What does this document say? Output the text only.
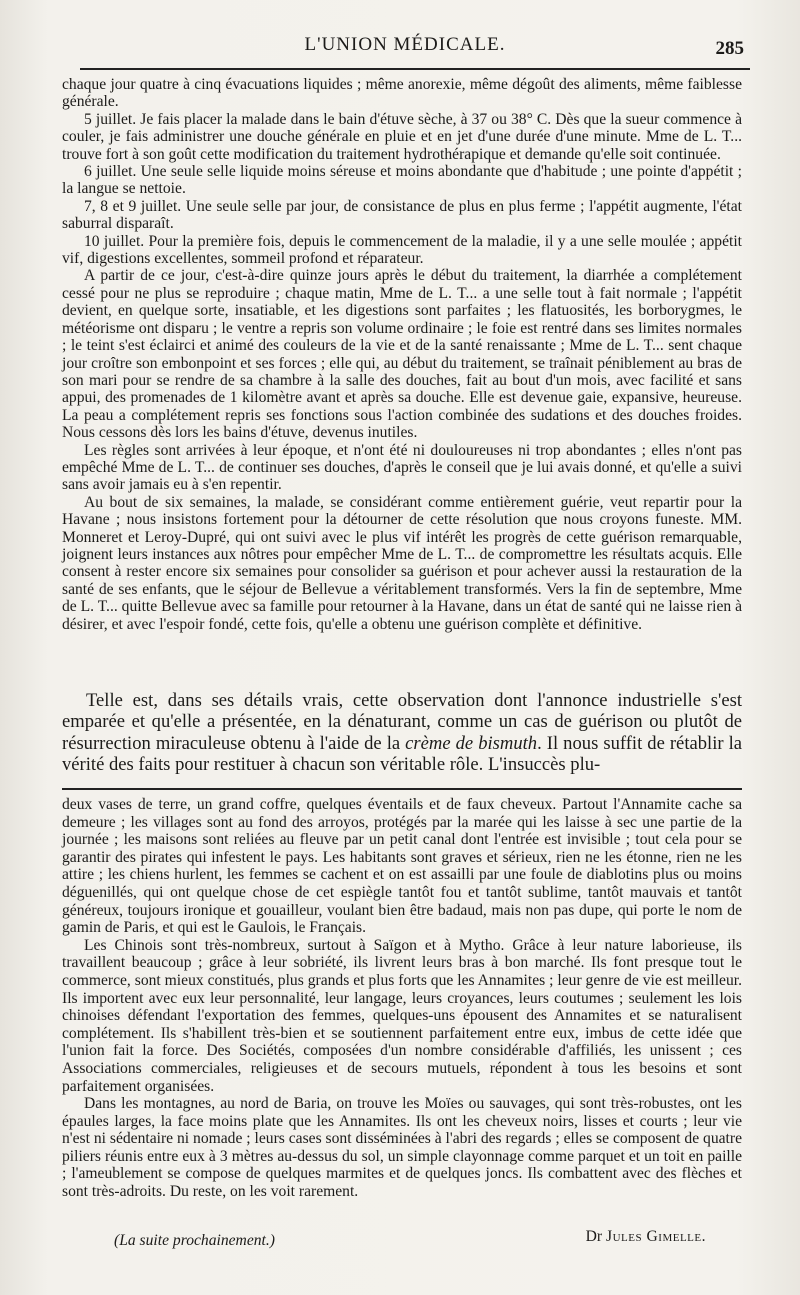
L'UNION MÉDICALE.	285

chaque jour quatre à cinq évacuations liquides ; même anorexie, même dégoût des aliments, même faiblesse générale.

5 juillet. Je fais placer la malade dans le bain d'étuve sèche, à 37 ou 38° C. Dès que la sueur commence à couler, je fais administrer une douche générale en pluie et en jet d'une durée d'une minute. Mme de L. T... trouve fort à son goût cette modification du traitement hydrothérapique et demande qu'elle soit continuée.

6 juillet. Une seule selle liquide moins séreuse et moins abondante que d'habitude ; une pointe d'appétit ; la langue se nettoie.

7, 8 et 9 juillet. Une seule selle par jour, de consistance de plus en plus ferme ; l'appétit augmente, l'état saburral disparaît.

10 juillet. Pour la première fois, depuis le commencement de la maladie, il y a une selle moulée ; appétit vif, digestions excellentes, sommeil profond et réparateur.

A partir de ce jour, c'est-à-dire quinze jours après le début du traitement, la diarrhée a complétement cessé pour ne plus se reproduire ; chaque matin, Mme de L. T... a une selle tout à fait normale ; l'appétit devient, en quelque sorte, insatiable, et les digestions sont parfaites ; les flatuosités, les borborygmes, le météorisme ont disparu ; le ventre a repris son volume ordinaire ; le foie est rentré dans ses limites normales ; le teint s'est éclairci et animé des couleurs de la vie et de la santé renaissante ; Mme de L. T... sent chaque jour croître son embonpoint et ses forces ; elle qui, au début du traitement, se traînait péniblement au bras de son mari pour se rendre de sa chambre à la salle des douches, fait au bout d'un mois, avec facilité et sans appui, des promenades de 1 kilomètre avant et après sa douche. Elle est devenue gaie, expansive, heureuse. La peau a complétement repris ses fonctions sous l'action combinée des sudations et des douches froides. Nous cessons dès lors les bains d'étuve, devenus inutiles.

Les règles sont arrivées à leur époque, et n'ont été ni douloureuses ni trop abondantes ; elles n'ont pas empêché Mme de L. T... de continuer ses douches, d'après le conseil que je lui avais donné, et qu'elle a suivi sans avoir jamais eu à s'en repentir.

Au bout de six semaines, la malade, se considérant comme entièrement guérie, veut repartir pour la Havane ; nous insistons fortement pour la détourner de cette résolution que nous croyons funeste. MM. Monneret et Leroy-Dupré, qui ont suivi avec le plus vif intérêt les progrès de cette guérison remarquable, joignent leurs instances aux nôtres pour empêcher Mme de L. T... de compromettre les résultats acquis. Elle consent à rester encore six semaines pour consolider sa guérison et pour achever aussi la restauration de la santé de ses enfants, que le séjour de Bellevue a véritablement transformés. Vers la fin de septembre, Mme de L. T... quitte Bellevue avec sa famille pour retourner à la Havane, dans un état de santé qui ne laisse rien à désirer, et avec l'espoir fondé, cette fois, qu'elle a obtenu une guérison complète et définitive.

Telle est, dans ses détails vrais, cette observation dont l'annonce industrielle s'est emparée et qu'elle a présentée, en la dénaturant, comme un cas de guérison ou plutôt de résurrection miraculeuse obtenu à l'aide de la crème de bismuth. Il nous suffit de rétablir la vérité des faits pour restituer à chacun son véritable rôle. L'insuccès plu-

deux vases de terre, un grand coffre, quelques éventails et de faux cheveux. Partout l'Annamite cache sa demeure ; les villages sont au fond des arroyos, protégés par la marée qui les laisse à sec une partie de la journée ; les maisons sont reliées au fleuve par un petit canal dont l'entrée est invisible ; tout cela pour se garantir des pirates qui infestent le pays. Les habitants sont graves et sérieux, rien ne les étonne, rien ne les attire ; les chiens hurlent, les femmes se cachent et on est assailli par une foule de diablotins plus ou moins déguenillés, qui ont quelque chose de cet espiègle tantôt fou et tantôt sublime, tantôt mauvais et tantôt généreux, toujours ironique et gouailleur, voulant bien être badaud, mais non pas dupe, qui porte le nom de gamin de Paris, et qui est le Gaulois, le Français.

Les Chinois sont très-nombreux, surtout à Saïgon et à Mytho. Grâce à leur nature laborieuse, ils travaillent beaucoup ; grâce à leur sobriété, ils livrent leurs bras à bon marché. Ils font presque tout le commerce, sont mieux constitués, plus grands et plus forts que les Annamites ; leur genre de vie est meilleur. Ils importent avec eux leur personnalité, leur langage, leurs croyances, leurs coutumes ; seulement les lois chinoises défendant l'exportation des femmes, quelques-uns épousent des Annamites et se naturalisent complétement. Ils s'habillent très-bien et se soutiennent parfaitement entre eux, imbus de cette idée que l'union fait la force. Des Sociétés, composées d'un nombre considérable d'affiliés, les unissent ; ces Associations commerciales, religieuses et de secours mutuels, répondent à tous les besoins et sont parfaitement organisées.

Dans les montagnes, au nord de Baria, on trouve les Moïes ou sauvages, qui sont très-robustes, ont les épaules larges, la face moins plate que les Annamites. Ils ont les cheveux noirs, lisses et courts ; leur vie n'est ni sédentaire ni nomade ; leurs cases sont disséminées à l'abri des regards ; elles se composent de quatre piliers réunis entre eux à 3 mètres au-dessus du sol, un simple clayonnage comme parquet et un toit en paille ; l'ameublement se compose de quelques marmites et de quelques joncs. Ils combattent avec des flèches et sont très-adroits. Du reste, on les voit rarement.

(La suite prochainement.)	Dr Jules Gimelle.
